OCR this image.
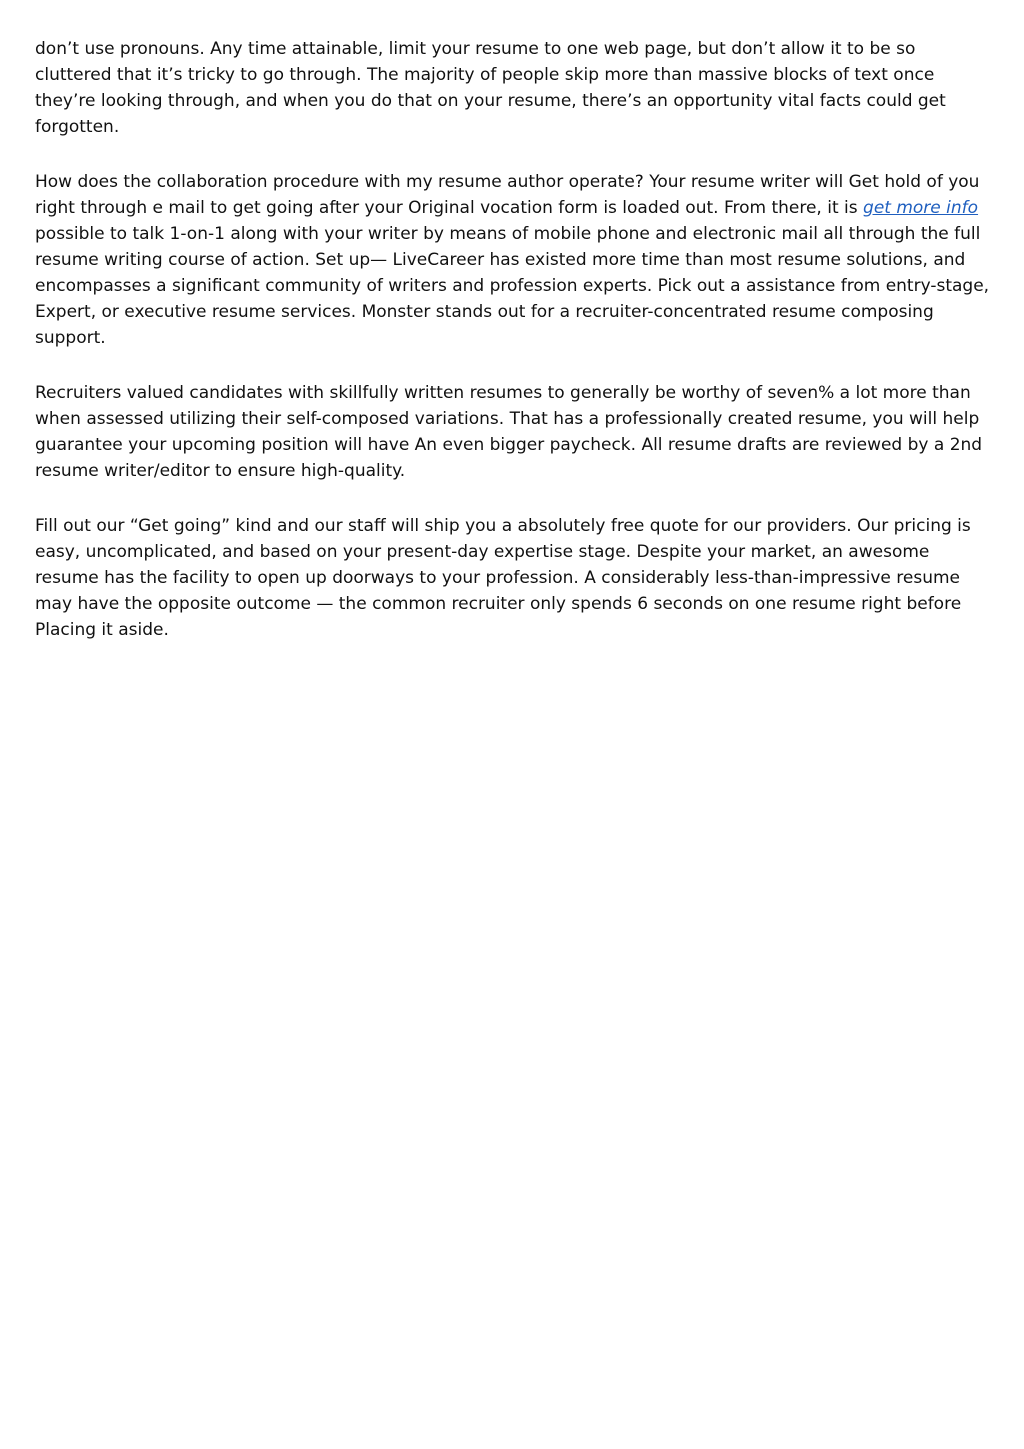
don’t use pronouns. Any time attainable, limit your resume to one web page, but don’t allow it to be so cluttered that it’s tricky to go through. The majority of people skip more than massive blocks of text once they’re looking through, and when you do that on your resume, there’s an opportunity vital facts could get forgotten.

How does the collaboration procedure with my resume author operate? Your resume writer will Get hold of you right through e mail to get going after your Original vocation form is loaded out. From there, it is get more info possible to talk 1-on-1 along with your writer by means of mobile phone and electronic mail all through the full resume writing course of action. Set up— LiveCareer has existed more time than most resume solutions, and encompasses a significant community of writers and profession experts. Pick out a assistance from entry-stage, Expert, or executive resume services. Monster stands out for a recruiter-concentrated resume composing support.

Recruiters valued candidates with skillfully written resumes to generally be worthy of seven% a lot more than when assessed utilizing their self-composed variations. That has a professionally created resume, you will help guarantee your upcoming position will have An even bigger paycheck. All resume drafts are reviewed by a 2nd resume writer/editor to ensure high-quality.

Fill out our “Get going” kind and our staff will ship you a absolutely free quote for our providers. Our pricing is easy, uncomplicated, and based on your present-day expertise stage. Despite your market, an awesome resume has the facility to open up doorways to your profession. A considerably less-than-impressive resume may have the opposite outcome — the common recruiter only spends 6 seconds on one resume right before Placing it aside.
